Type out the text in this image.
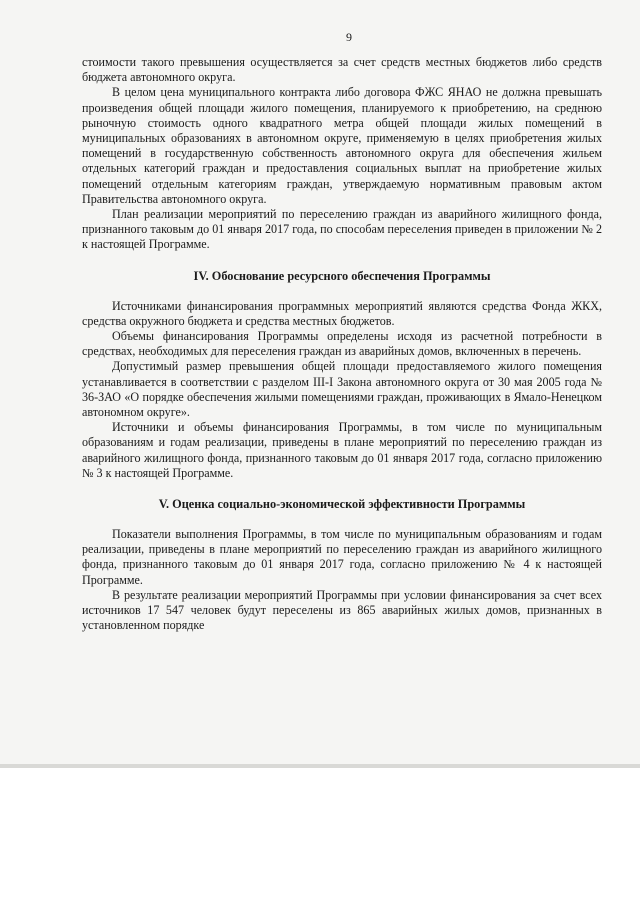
9

стоимости такого превышения осуществляется за счет средств местных бюджетов либо средств бюджета автономного округа.

В целом цена муниципального контракта либо договора ФЖС ЯНАО не должна превышать произведения общей площади жилого помещения, планируемого к приобретению, на среднюю рыночную стоимость одного квадратного метра общей площади жилых помещений в муниципальных образованиях в автономном округе, применяемую в целях приобретения жилых помещений в государственную собственность автономного округа для обеспечения жильем отдельных категорий граждан и предоставления социальных выплат на приобретение жилых помещений отдельным категориям граждан, утверждаемую нормативным правовым актом Правительства автономного округа.

План реализации мероприятий по переселению граждан из аварийного жилищного фонда, признанного таковым до 01 января 2017 года, по способам переселения приведен в приложении № 2 к настоящей Программе.

IV. Обоснование ресурсного обеспечения Программы

Источниками финансирования программных мероприятий являются средства Фонда ЖКХ, средства окружного бюджета и средства местных бюджетов.

Объемы финансирования Программы определены исходя из расчетной потребности в средствах, необходимых для переселения граждан из аварийных домов, включенных в перечень.

Допустимый размер превышения общей площади предоставляемого жилого помещения устанавливается в соответствии с разделом III-I Закона автономного округа от 30 мая 2005 года № 36-ЗАО «О порядке обеспечения жилыми помещениями граждан, проживающих в Ямало-Ненецком автономном округе».

Источники и объемы финансирования Программы, в том числе по муниципальным образованиям и годам реализации, приведены в плане мероприятий по переселению граждан из аварийного жилищного фонда, признанного таковым до 01 января 2017 года, согласно приложению № 3 к настоящей Программе.

V. Оценка социально-экономической эффективности Программы

Показатели выполнения Программы, в том числе по муниципальным образованиям и годам реализации, приведены в плане мероприятий по переселению граждан из аварийного жилищного фонда, признанного таковым до 01 января 2017 года, согласно приложению № 4 к настоящей Программе.

В результате реализации мероприятий Программы при условии финансирования за счет всех источников 17 547 человек будут переселены из 865 аварийных жилых домов, признанных в установленном порядке
